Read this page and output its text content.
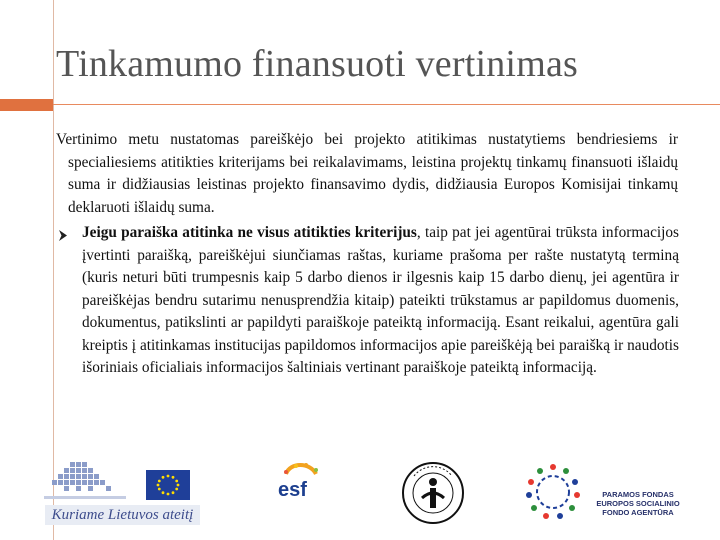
Tinkamumo finansuoti vertinimas
Vertinimo metu nustatomas pareiškėjo bei projekto atitikimas nustatytiems bendriesiems ir specialiesiems atitikties kriterijams bei reikalavimams, leistina projektų tinkamų finansuoti išlaidų suma ir didžiausias leistinas projekto finansavimo dydis, didžiausia Europos Komisijai tinkamų deklaruoti išlaidų suma.
Jeigu paraiška atitinka ne visus atitikties kriterijus, taip pat jei agentūrai trūksta informacijos įvertinti paraišką, pareiškėjui siunčiamas raštas, kuriame prašoma per rašte nustatytą terminą (kuris neturi būti trumpesnis kaip 5 darbo dienos ir ilgesnis kaip 15 darbo dienų, jei agentūra ir pareiškėjas bendru sutarimu nenusprendžia kitaip) pateikti trūkstamus ar papildomus duomenis, dokumentus, patikslinti ar papildyti paraiškoje pateiktą informaciją. Esant reikalui, agentūra gali kreiptis į atitinkamas institucijas papildomos informacijos apie pareiškėją bei paraišką ir naudotis išoriniais oficialiais informacijos šaltiniais vertinant paraiškoje pateiktą informaciją.
Kuriame Lietuvos ateitį
esf	PARAMOS FONDAS
EUROPOS SOCIALINIO
FONDO AGENTŪRA
